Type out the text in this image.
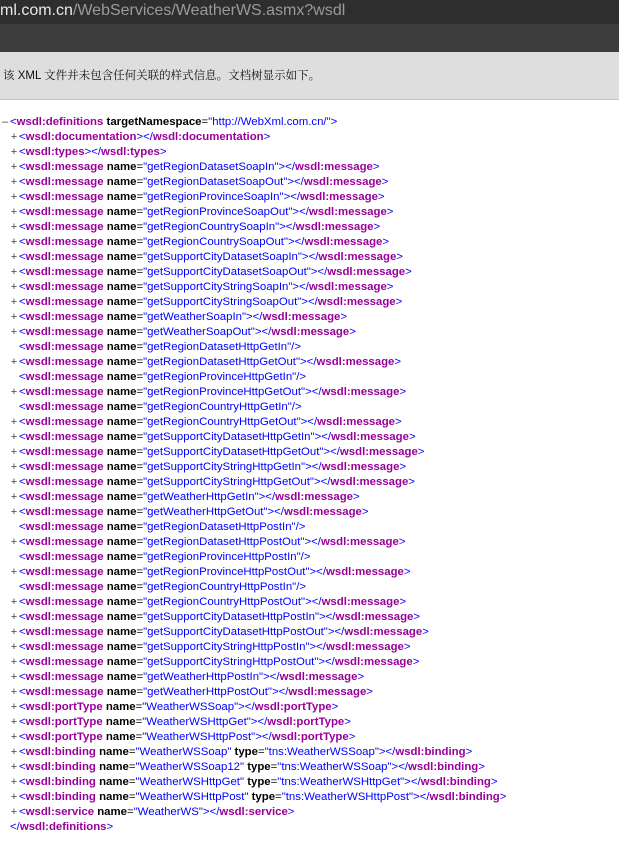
ml.com.cn/WebServices/WeatherWS.asmx?wsdl
该 XML 文件并未包含任何关联的样式信息。文档树显示如下。
– <wsdl:definitions targetNamespace="http://WebXml.com.cn/">
+ <wsdl:documentation></wsdl:documentation>
+ <wsdl:types></wsdl:types>
+ <wsdl:message name="getRegionDatasetSoapIn"></wsdl:message>
+ <wsdl:message name="getRegionDatasetSoapOut"></wsdl:message>
+ <wsdl:message name="getRegionProvinceSoapIn"></wsdl:message>
+ <wsdl:message name="getRegionProvinceSoapOut"></wsdl:message>
+ <wsdl:message name="getRegionCountrySoapIn"></wsdl:message>
+ <wsdl:message name="getRegionCountrySoapOut"></wsdl:message>
+ <wsdl:message name="getSupportCityDatasetSoapIn"></wsdl:message>
+ <wsdl:message name="getSupportCityDatasetSoapOut"></wsdl:message>
+ <wsdl:message name="getSupportCityStringSoapIn"></wsdl:message>
+ <wsdl:message name="getSupportCityStringSoapOut"></wsdl:message>
+ <wsdl:message name="getWeatherSoapIn"></wsdl:message>
+ <wsdl:message name="getWeatherSoapOut"></wsdl:message>
<wsdl:message name="getRegionDatasetHttpGetIn"/>
+ <wsdl:message name="getRegionDatasetHttpGetOut"></wsdl:message>
<wsdl:message name="getRegionProvinceHttpGetIn"/>
+ <wsdl:message name="getRegionProvinceHttpGetOut"></wsdl:message>
<wsdl:message name="getRegionCountryHttpGetIn"/>
+ <wsdl:message name="getRegionCountryHttpGetOut"></wsdl:message>
+ <wsdl:message name="getSupportCityDatasetHttpGetIn"></wsdl:message>
+ <wsdl:message name="getSupportCityDatasetHttpGetOut"></wsdl:message>
+ <wsdl:message name="getSupportCityStringHttpGetIn"></wsdl:message>
+ <wsdl:message name="getSupportCityStringHttpGetOut"></wsdl:message>
+ <wsdl:message name="getWeatherHttpGetIn"></wsdl:message>
+ <wsdl:message name="getWeatherHttpGetOut"></wsdl:message>
<wsdl:message name="getRegionDatasetHttpPostIn"/>
+ <wsdl:message name="getRegionDatasetHttpPostOut"></wsdl:message>
<wsdl:message name="getRegionProvinceHttpPostIn"/>
+ <wsdl:message name="getRegionProvinceHttpPostOut"></wsdl:message>
<wsdl:message name="getRegionCountryHttpPostIn"/>
+ <wsdl:message name="getRegionCountryHttpPostOut"></wsdl:message>
+ <wsdl:message name="getSupportCityDatasetHttpPostIn"></wsdl:message>
+ <wsdl:message name="getSupportCityDatasetHttpPostOut"></wsdl:message>
+ <wsdl:message name="getSupportCityStringHttpPostIn"></wsdl:message>
+ <wsdl:message name="getSupportCityStringHttpPostOut"></wsdl:message>
+ <wsdl:message name="getWeatherHttpPostIn"></wsdl:message>
+ <wsdl:message name="getWeatherHttpPostOut"></wsdl:message>
+ <wsdl:portType name="WeatherWSSoap"></wsdl:portType>
+ <wsdl:portType name="WeatherWSHttpGet"></wsdl:portType>
+ <wsdl:portType name="WeatherWSHttpPost"></wsdl:portType>
+ <wsdl:binding name="WeatherWSSoap" type="tns:WeatherWSSoap"></wsdl:binding>
+ <wsdl:binding name="WeatherWSSoap12" type="tns:WeatherWSSoap"></wsdl:binding>
+ <wsdl:binding name="WeatherWSHttpGet" type="tns:WeatherWSHttpGet"></wsdl:binding>
+ <wsdl:binding name="WeatherWSHttpPost" type="tns:WeatherWSHttpPost"></wsdl:binding>
+ <wsdl:service name="WeatherWS"></wsdl:service>
</wsdl:definitions>
